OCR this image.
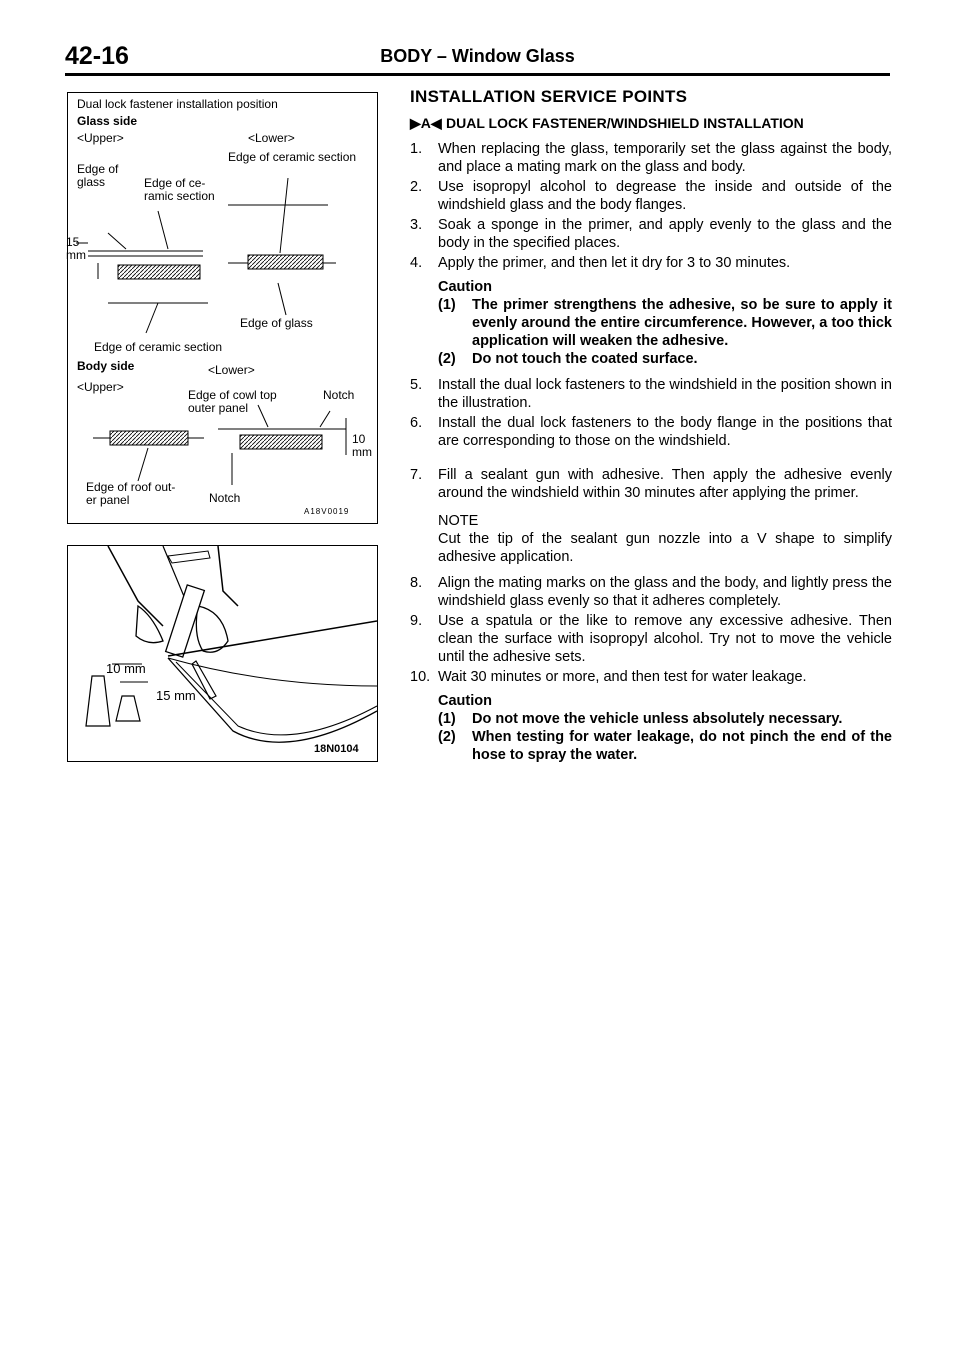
42-16	BODY – Window Glass
Dual lock fastener installation position
Glass side
<Upper>	<Lower>
Edge of ceramic section
Edge of
glass	Edge of ce-
ramic section
15
mm
Edge of glass
Edge of ceramic section
Body side	<Lower>
<Upper>
Edge of cowl top
outer panel
Notch
10
mm
Edge of roof out-
er panel	Notch
A18V0019
10 mm
15 mm
18N0104
INSTALLATION SERVICE POINTS
▶A◀ DUAL LOCK FASTENER/WINDSHIELD INSTALLATION
1. When replacing the glass, temporarily set the glass against the body, and place a mating mark on the glass and body.
2. Use isopropyl alcohol to degrease the inside and outside of the windshield glass and the body flanges.
3. Soak a sponge in the primer, and apply evenly to the glass and the body in the specified places.
4. Apply the primer, and then let it dry for 3 to 30 minutes.
Caution
(1) The primer strengthens the adhesive, so be sure to apply it evenly around the entire circumference. However, a too thick application will weaken the adhesive.
(2) Do not touch the coated surface.
5. Install the dual lock fasteners to the windshield in the position shown in the illustration.
6. Install the dual lock fasteners to the body flange in the positions that are corresponding to those on the windshield.
7. Fill a sealant gun with adhesive. Then apply the adhesive evenly around the windshield within 30 minutes after applying the primer.
NOTE
Cut the tip of the sealant gun nozzle into a V shape to simplify adhesive application.
8. Align the mating marks on the glass and the body, and lightly press the windshield glass evenly so that it adheres completely.
9. Use a spatula or the like to remove any excessive adhesive. Then clean the surface with isopropyl alcohol. Try not to move the vehicle until the adhesive sets.
10. Wait 30 minutes or more, and then test for water leakage.
Caution
(1) Do not move the vehicle unless absolutely necessary.
(2) When testing for water leakage, do not pinch the end of the hose to spray the water.
